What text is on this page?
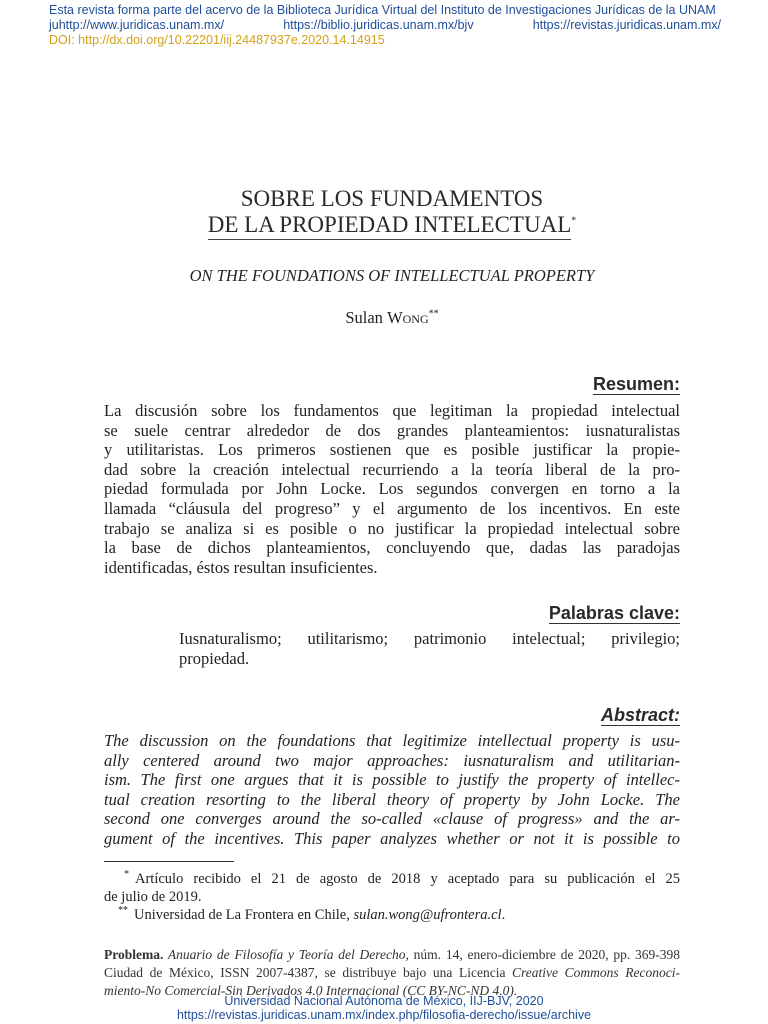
Esta revista forma parte del acervo de la Biblioteca Jurídica Virtual del Instituto de Investigaciones Jurídicas de la UNAM
juhttp://www.juridicas.unam.mx/	https://biblio.juridicas.unam.mx/bjv	https://revistas.juridicas.unam.mx/
DOI: http://dx.doi.org/10.22201/iij.24487937e.2020.14.14915
SOBRE LOS FUNDAMENTOS
DE LA PROPIEDAD INTELECTUAL*
ON THE FOUNDATIONS OF INTELLECTUAL PROPERTY
Sulan Wong**
Resumen:
La discusión sobre los fundamentos que legitiman la propiedad intelectual
se suele centrar alrededor de dos grandes planteamientos: iusnaturalistas
y utilitaristas. Los primeros sostienen que es posible justificar la propie-
dad sobre la creación intelectual recurriendo a la teoría liberal de la pro-
piedad formulada por John Locke. Los segundos convergen en torno a la
llamada “cláusula del progreso” y el argumento de los incentivos. En este
trabajo se analiza si es posible o no justificar la propiedad intelectual sobre
la base de dichos planteamientos, concluyendo que, dadas las paradojas
identificadas, éstos resultan insuficientes.
Palabras clave:
Iusnaturalismo; utilitarismo; patrimonio intelectual; privilegio;
propiedad.
Abstract:
The discussion on the foundations that legitimize intellectual property is usu-
ally centered around two major approaches: iusnaturalism and utilitarian-
ism. The first one argues that it is possible to justify the property of intellec-
tual creation resorting to the liberal theory of property by John Locke. The
second one converges around the so-called «clause of progress» and the ar-
gument of the incentives. This paper analyzes whether or not it is possible to
* Artículo recibido el 21 de agosto de 2018 y aceptado para su publicación el 25
de julio de 2019.
** Universidad de La Frontera en Chile, sulan.wong@ufrontera.cl.
Problema. Anuario de Filosofía y Teoría del Derecho, núm. 14, enero-diciembre de 2020, pp. 369-398
Ciudad de México, ISSN 2007-4387, se distribuye bajo una Licencia Creative Commons Reconoci-
miento-No Comercial-Sin Derivados 4.0 Internacional (CC BY-NC-ND 4.0).
Universidad Nacional Autónoma de México, IIJ-BJV, 2020
https://revistas.juridicas.unam.mx/index.php/filosofia-derecho/issue/archive
